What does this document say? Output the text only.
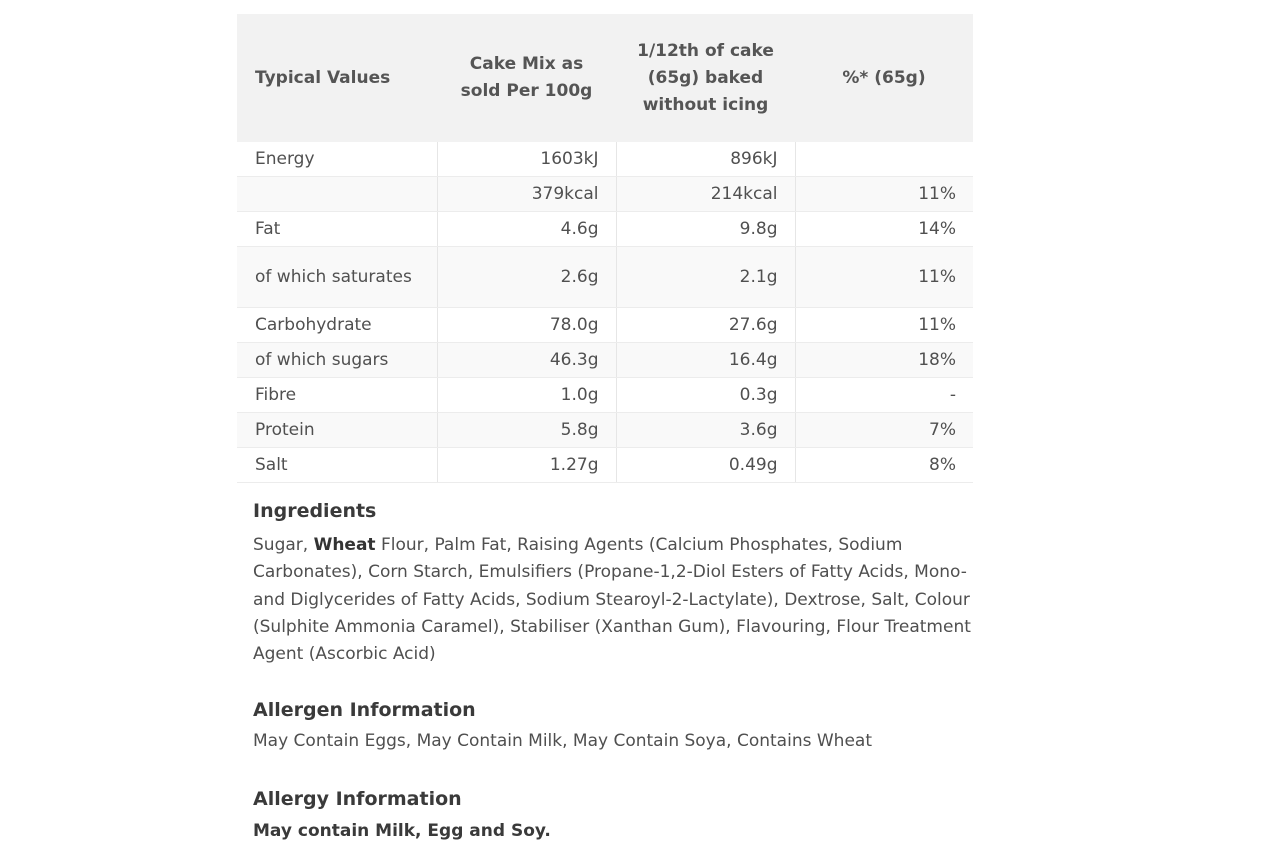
Typical Values	Cake Mix as sold Per 100g	1/12th of cake (65g) baked without icing	%* (65g)
Energy	1603kJ	896kJ	
	379kcal	214kcal	11%
Fat	4.6g	9.8g	14%
of which saturates	2.6g	2.1g	11%
Carbohydrate	78.0g	27.6g	11%
of which sugars	46.3g	16.4g	18%
Fibre	1.0g	0.3g	-
Protein	5.8g	3.6g	7%
Salt	1.27g	0.49g	8%
Ingredients

Sugar, Wheat Flour, Palm Fat, Raising Agents (Calcium Phosphates, Sodium Carbonates), Corn Starch, Emulsifiers (Propane-1,2-Diol Esters of Fatty Acids, Mono- and Diglycerides of Fatty Acids, Sodium Stearoyl-2-Lactylate), Dextrose, Salt, Colour (Sulphite Ammonia Caramel), Stabiliser (Xanthan Gum), Flavouring, Flour Treatment Agent (Ascorbic Acid)

Allergen Information

May Contain Eggs, May Contain Milk, May Contain Soya, Contains Wheat

Allergy Information

May contain Milk, Egg and Soy.
